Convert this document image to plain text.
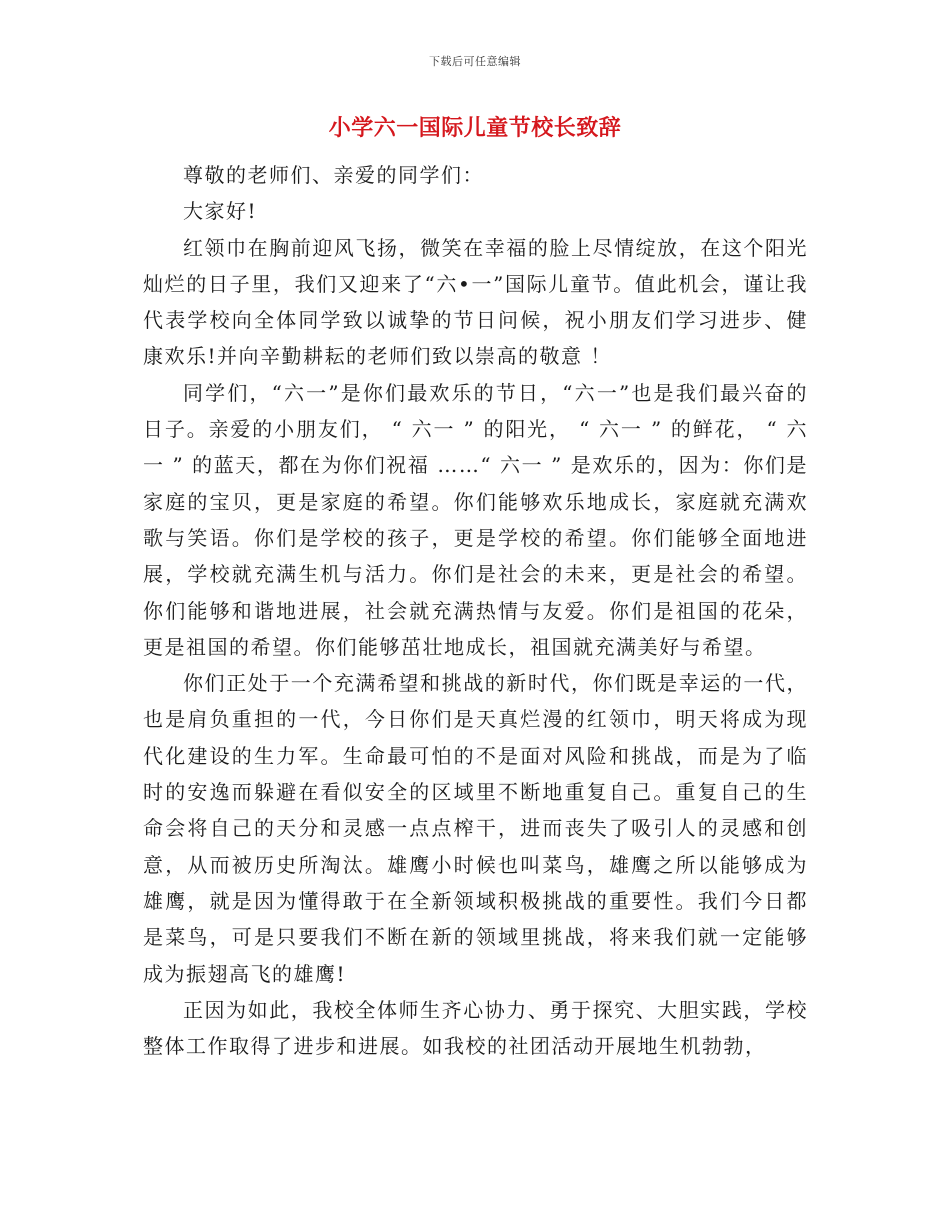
下载后可任意编辑
小学六一国际儿童节校长致辞

尊敬的老师们、亲爱的同学们：

大家好!

红领巾在胸前迎风飞扬，微笑在幸福的脸上尽情绽放，在这个阳光灿烂的日子里，我们又迎来了“六•一”国际儿童节。值此机会，谨让我代表学校向全体同学致以诚挚的节日问候，祝小朋友们学习进步、健康欢乐!并向辛勤耕耘的老师们致以崇高的敬意 ！

同学们，“六一”是你们最欢乐的节日，“六一”也是我们最兴奋的日子。亲爱的小朋友们， “ 六一 ” 的阳光， “ 六一 ” 的鲜花， “ 六一 ” 的蓝天，都在为你们祝福 ……“ 六一 ” 是欢乐的，因为：你们是家庭的宝贝，更是家庭的希望。你们能够欢乐地成长，家庭就充满欢歌与笑语。你们是学校的孩子，更是学校的希望。你们能够全面地进展，学校就充满生机与活力。你们是社会的未来，更是社会的希望。你们能够和谐地进展，社会就充满热情与友爱。你们是祖国的花朵，更是祖国的希望。你们能够茁壮地成长，祖国就充满美好与希望。

你们正处于一个充满希望和挑战的新时代，你们既是幸运的一代，也是肩负重担的一代，今日你们是天真烂漫的红领巾，明天将成为现代化建设的生力军。生命最可怕的不是面对风险和挑战，而是为了临时的安逸而躲避在看似安全的区域里不断地重复自己。重复自己的生命会将自己的天分和灵感一点点榨干，进而丧失了吸引人的灵感和创意，从而被历史所淘汰。雄鹰小时候也叫菜鸟，雄鹰之所以能够成为雄鹰，就是因为懂得敢于在全新领域积极挑战的重要性。我们今日都是菜鸟，可是只要我们不断在新的领域里挑战，将来我们就一定能够成为振翅高飞的雄鹰!

正因为如此，我校全体师生齐心协力、勇于探究、大胆实践，学校整体工作取得了进步和进展。如我校的社团活动开展地生机勃勃，
